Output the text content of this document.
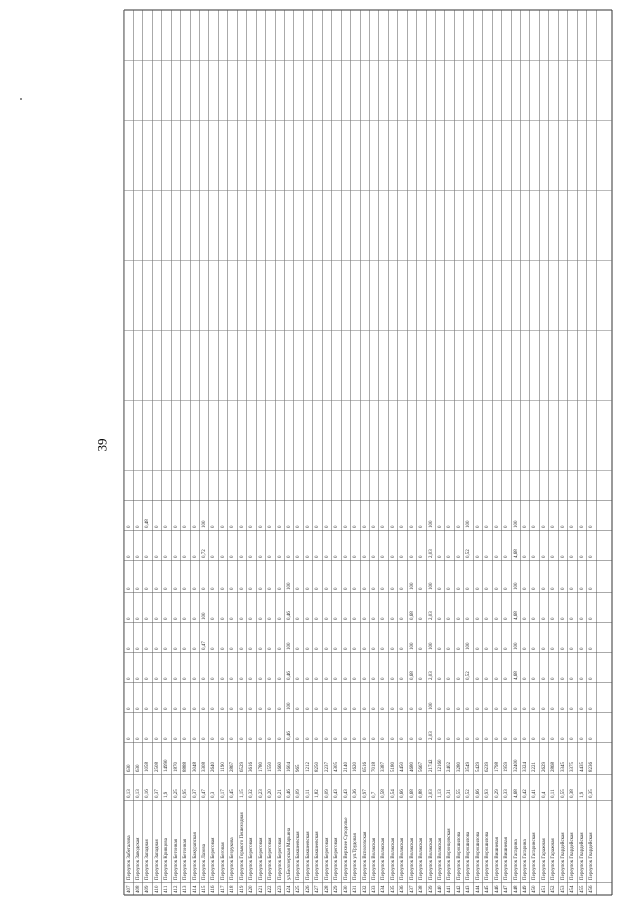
407
Переулок Забегалова
0,13
630
0
0
0
0
0
0
0
0
408
Переулок Заводская
0,13
630
0
0
0
0
0
0
0
0
409
Переулок Западная
0,16
1058
0
0
0
0
0
0
0
0,48
410
Переулок Западная
0,37
2508
0
0
0
0
0
0
0
0
411
Переулок Кривцова
1,9
14990
0
0
0
0
0
0
0
0
412
Переулок Бетонная
0,25
1870
0
0
0
0
0
0
0
0
413
Переулок Бетонная
0,95
8888
0
0
0
0
0
0
0
0
414
Переулок Бакурапская
0,37
3048
0
0
0
0
0
0
0
0
415
Переулок Лазова
0,47
3308
0
0
0
0,47
100
0
0,72
100
416
Переулок Береговая
0,3
2640
0
0
0
0
0
0
0
0
417
Переулок Беговая
0,17
1190
0
0
0
0
0
0
0
0
418
Переулок Безрукова
0,45
2867
0
0
0
0
0
0
0
0
419
Переулок Горького Пешеходная
1,15
6529
0
0
0
0
0
0
0
0
420
Переулок Береговая
0,32
3616
0
0
0
0
0
0
0
0
421
Переулок Береговая
0,23
1780
0
0
0
0
0
0
0
0
422
Переулок Береговая
0,20
1550
0
0
0
0
0
0
0
0
423
Переулок Береговая
0,21
1660
0
0
0
0
0
0
0
0
424
ул.Белозерская Марьина
0,46
1604
0,46
100
0,46
100
0,46
100
0
0
425
Переулок Бакшеевская
0,09
965
0
0
0
0
0
0
0
0
426
Переулок Бакшеевская
0,11
1212
0
0
0
0
0
0
0
0
427
Переулок Бакшеевская
1,82
8250
0
0
0
0
0
0
0
0
428
Переулок Береговая
0,09
2237
0
0
0
0
0
0
0
0
429
Переулок Береговая
0,43
4305
0
0
0
0
0
0
0
0
430
Переулок Верхнее Суходолье
0,43
2140
0
0
0
0
0
0
0
0
431
Переулок ул.Трудовая
0,36
1620
0
0
0
0
0
0
0
0
432
Переулок Всполохская
0,97
6516
0
0
0
0
0
0
0
0
433
Переулок Волжская
0,7
7018
0
0
0
0
0
0
0
0
434
Переулок Волжская
0,58
3387
0
0
0
0
0
0
0
0
435
Переулок Волжская
0,54
5180
0
0
0
0
0
0
0
0
436
Переулок Волжская
0,66
4450
0
0
0
0
0
0
0
0
437
Переулок Волжская
0,68
4680
0
0
0,68
100
0,68
100
0
0
438
Переулок Волжская
0,88
5667
0
0
0
0
0
0
0
0
439
Переулок Волжская
2,03
21742
2,03
100
2,03
100
2,03
100
2,03
100
440
Переулок Волжская
1,13
12160
0
0
0
0
0
0
0
0
441
Переулок Воронцовская
0,31
2402
0
0
0
0
0
0
0
0
442
Переулок Ворошилова
0,55
3280
0
0
0
0
0
0
0
0
443
Переулок Ворошилова
0,52
3549
0
0
0,52
100
0
0
0,52
100
444
Переулок Ворошилова
0,66
5429
0
0
0
0
0
0
0
0
445
Переулок Ворошилова
0,93
6239
0
0
0
0
0
0
0
0
446
Переулок Вишневая
0,29
1798
0
0
0
0
0
0
0
0
447
Переулок Вишневая
0,33
1959
0
0
0
0
0
0
0
0
448
Переулок Гагарина
4,68
32400
0
0
4,68
100
4,68
100
4,68
100
449
Переулок Гагарина
0,42
3324
0
0
0
0
0
0
0
0
450
Переулок Гагаринская
0,41
2221
0
0
0
0
0
0
0
0
451
Переулок Гаражная
0,4
2629
0
0
0
0
0
0
0
0
452
Переулок Гаражная
0,11
2868
0
0
0
0
0
0
0
0
453
Переулок Гвардейская
0,55
3345
0
0
0
0
0
0
0
0
454
Переулок Гвардейская
0,38
3375
0
0
0
0
0
0
0
0
455
Переулок Гвардейская
1,9
4435
0
0
0
0
0
0
0
0
456
Переулок Гвардейская
0,35
8236
0
0
0
0
0
0
0
0
39
